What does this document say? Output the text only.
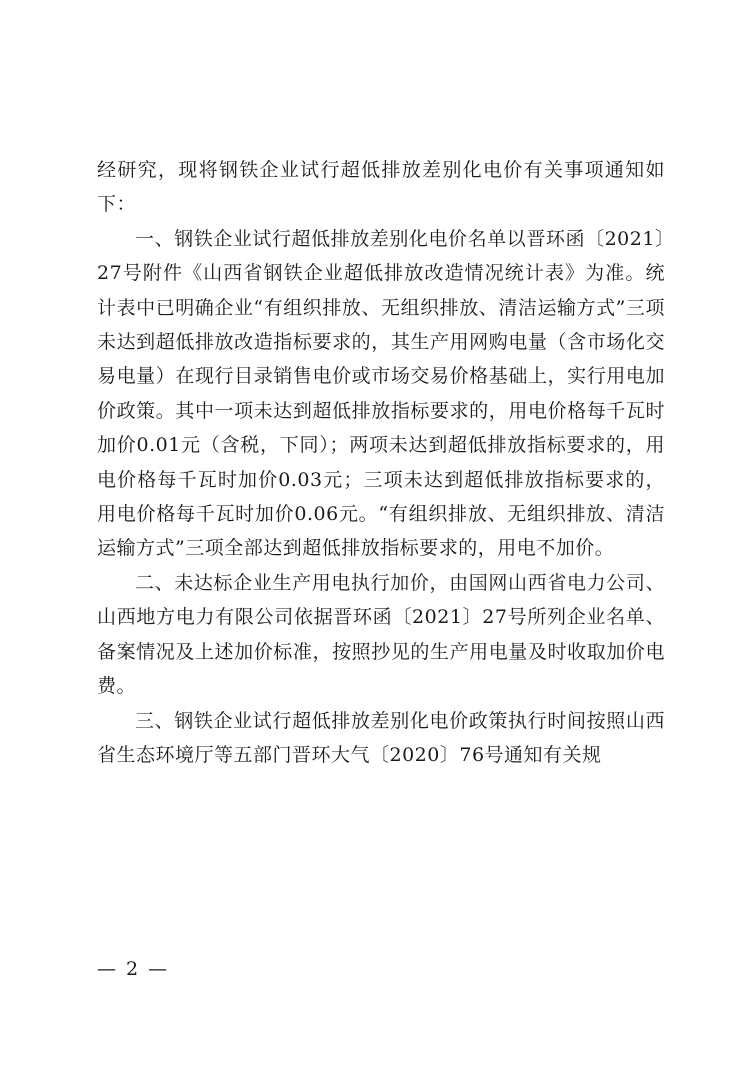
经研究，现将钢铁企业试行超低排放差别化电价有关事项通知如下：

一、钢铁企业试行超低排放差别化电价名单以晋环函〔2021〕27号附件《山西省钢铁企业超低排放改造情况统计表》为准。统计表中已明确企业“有组织排放、无组织排放、清洁运输方式”三项未达到超低排放改造指标要求的，其生产用网购电量（含市场化交易电量）在现行目录销售电价或市场交易价格基础上，实行用电加价政策。其中一项未达到超低排放指标要求的，用电价格每千瓦时加价0.01元（含税，下同）；两项未达到超低排放指标要求的，用电价格每千瓦时加价0.03元；三项未达到超低排放指标要求的，用电价格每千瓦时加价0.06元。“有组织排放、无组织排放、清洁运输方式”三项全部达到超低排放指标要求的，用电不加价。

二、未达标企业生产用电执行加价，由国网山西省电力公司、山西地方电力有限公司依据晋环函〔2021〕27号所列企业名单、备案情况及上述加价标准，按照抄见的生产用电量及时收取加价电费。

三、钢铁企业试行超低排放差别化电价政策执行时间按照山西省生态环境厅等五部门晋环大气〔2020〕76号通知有关规

— 2 —
